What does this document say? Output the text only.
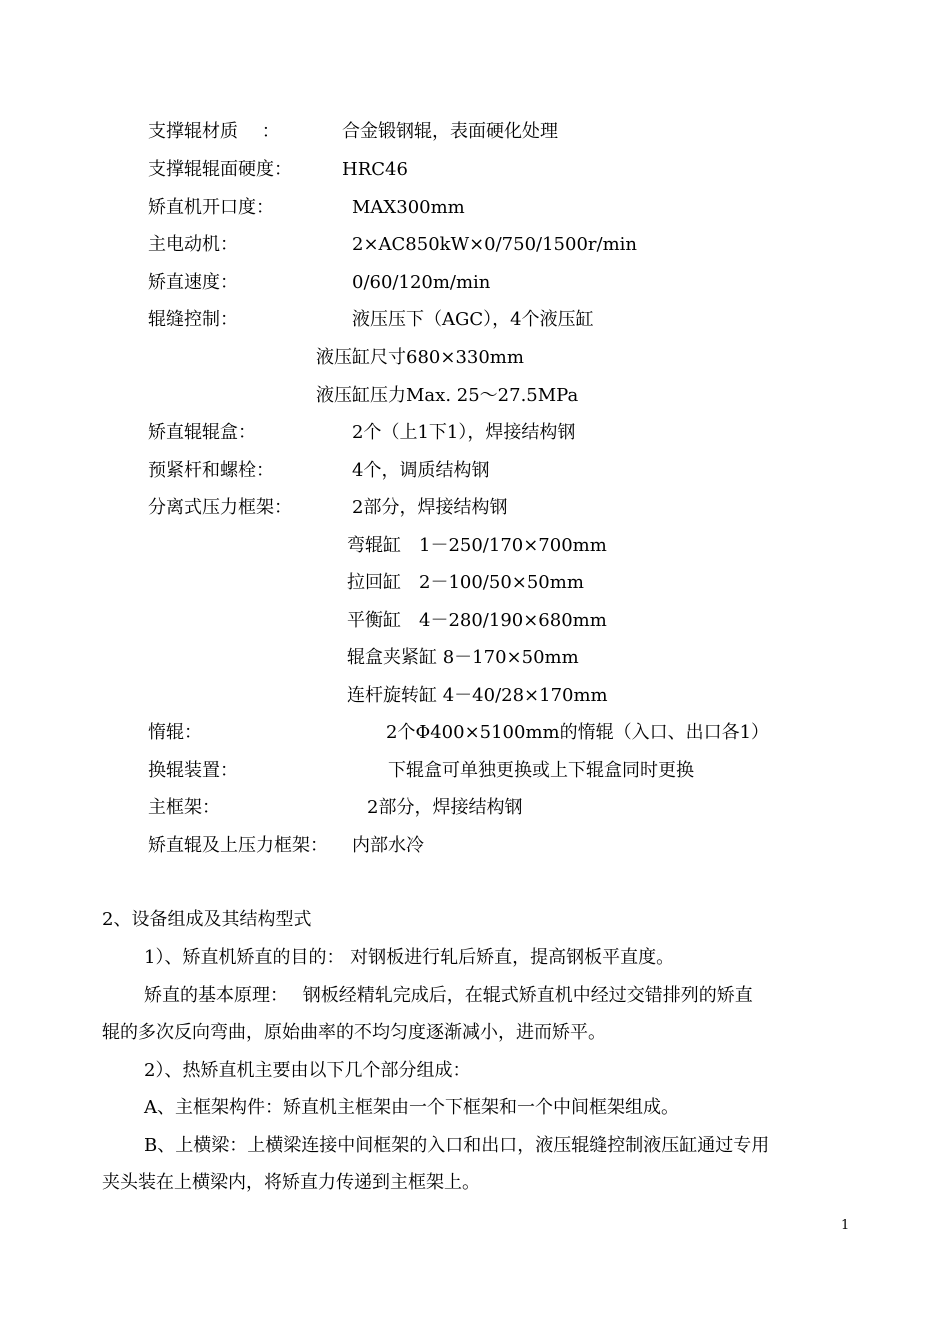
支撑辊材质　 ：	合金锻钢辊，表面硬化处理
支撑辊辊面硬度：	HRC46
矫直机开口度：	MAX300mm
主电动机：	2×AC850kW×0/750/1500r/min
矫直速度：	0/60/120m/min
辊缝控制：	液压压下（AGC），4个液压缸
液压缸尺寸680×330mm
液压缸压力Max. 25～27.5MPa
矫直辊辊盒：	2个（上1下1），焊接结构钢
预紧杆和螺栓：	4个，调质结构钢
分离式压力框架：	2部分，焊接结构钢
弯辊缸　1－250/170×700mm
拉回缸　2－100/50×50mm
平衡缸　4－280/190×680mm
辊盒夹紧缸 8－170×50mm
连杆旋转缸 4－40/28×170mm
惰辊：	2个Φ400×5100mm的惰辊（入口、出口各1）
换辊装置：	下辊盒可单独更换或上下辊盒同时更换
主框架：	2部分，焊接结构钢
矫直辊及上压力框架： 内部水冷
2、设备组成及其结构型式
1）、矫直机矫直的目的： 对钢板进行轧后矫直，提高钢板平直度。
矫直的基本原理：　 钢板经精轧完成后，在辊式矫直机中经过交错排列的矫直
辊的多次反向弯曲，原始曲率的不均匀度逐渐减小，进而矫平。
2）、热矫直机主要由以下几个部分组成：
A、主框架构件：矫直机主框架由一个下框架和一个中间框架组成。
B、上横梁：上横梁连接中间框架的入口和出口，液压辊缝控制液压缸通过专用
夹头装在上横梁内，将矫直力传递到主框架上。
1
